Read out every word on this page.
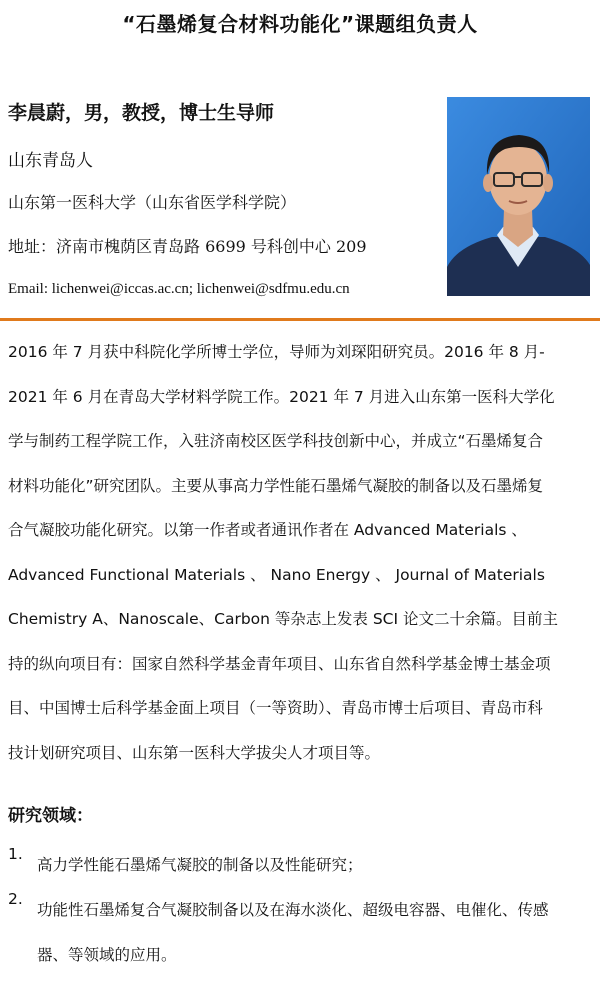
“石墨烯复合材料功能化”课题组负责人
李晨蔚，男，教授，博士生导师
山东青岛人
山东第一医科大学（山东省医学科学院）
地址：济南市槐荫区青岛路 6699 号科创中心 209
Email: lichenwei@iccas.ac.cn; lichenwei@sdfmu.edu.cn
2016 年 7 月获中科院化学所博士学位，导师为刘琛阳研究员。2016 年 8 月-
2021 年 6 月在青岛大学材料学院工作。2021 年 7 月进入山东第一医科大学化
学与制药工程学院工作，入驻济南校区医学科技创新中心，并成立“石墨烯复合
材料功能化”研究团队。主要从事高力学性能石墨烯气凝胶的制备以及石墨烯复
合气凝胶功能化研究。以第一作者或者通讯作者在 Advanced Materials 、
Advanced Functional Materials 、 Nano Energy 、 Journal of Materials
Chemistry A、Nanoscale、Carbon 等杂志上发表 SCI 论文二十余篇。目前主
持的纵向项目有：国家自然科学基金青年项目、山东省自然科学基金博士基金项
目、中国博士后科学基金面上项目（一等资助）、青岛市博士后项目、青岛市科
技计划研究项目、山东第一医科大学拔尖人才项目等。
研究领域：
1.
高力学性能石墨烯气凝胶的制备以及性能研究；
2.
功能性石墨烯复合气凝胶制备以及在海水淡化、超级电容器、电催化、传感
器、等领域的应用。
